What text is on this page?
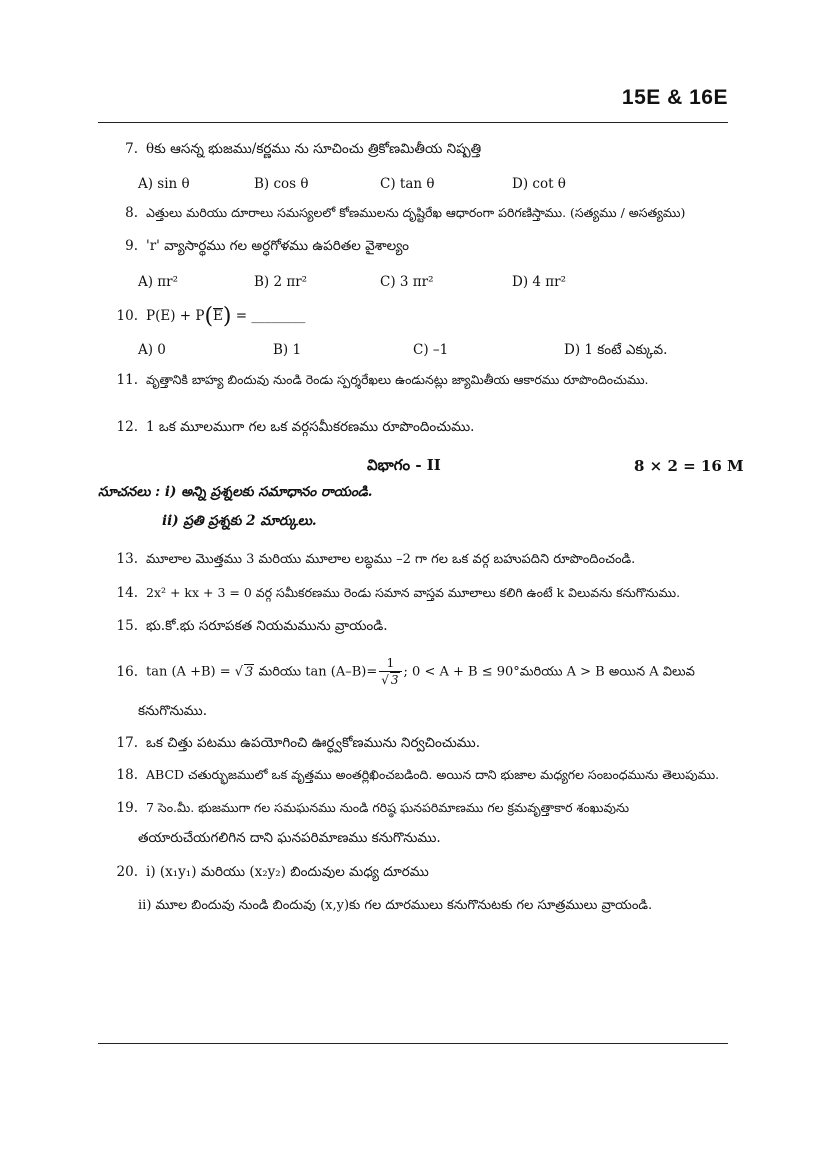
15E & 16E
7. θకు ఆసన్న భుజము/కర్ణము ను సూచించు త్రికోణమితీయ నిష్పత్తి
A) sin θ	B) cos θ	C) tan θ	D) cot θ
8. ఎత్తులు మరియు దూరాలు సమస్యలలో కోణములను దృష్టిరేఖ ఆధారంగా పరిగణిస్తాము. (సత్యము / అసత్యము)
9. 'r' వ్యాసార్థము గల అర్ధగోళము ఉపరితల వైశాల్యం
A) πr²	B) 2 πr²	C) 3 πr²	D) 4 πr²
10. P(E) + P(E) = ________
A) 0	B) 1	C) –1	D) 1 కంటే ఎక్కువ.
11. వృత్తానికి బాహ్య బిందువు నుండి రెండు స్పర్శరేఖలు ఉండునట్లు జ్యామితీయ ఆకారము రూపొందించుము.
12. 1 ఒక మూలముగా గల ఒక వర్గసమీకరణము రూపొందించుము.
విభాగం - II	8 × 2 = 16 M
సూచనలు : i) అన్ని ప్రశ్నలకు సమాధానం రాయండి.
ii) ప్రతి ప్రశ్నకు 2 మార్కులు.
13. మూలాల మొత్తము 3 మరియు మూలాల లబ్ధము –2 గా గల ఒక వర్గ బహుపదిని రూపొందించండి.
14. 2x² + kx + 3 = 0 వర్గ సమీకరణము రెండు సమాన వాస్తవ మూలాలు కలిగి ఉంటే k విలువను కనుగొనుము.
15. భు.కో.భు సరూపకత నియమమును వ్రాయండి.
16. tan (A +B) = √ 3 మరియు $\tan (A-B)= \frac{1}{√ 3}$ ; 0 < A + B ≤ 90°మరియు A > B అయిన A విలువ
కనుగొనుము.
17. ఒక చిత్తు పటము ఉపయోగించి ఊర్ధ్వకోణమును నిర్వచించుము.
18. ABCD చతుర్భుజములో ఒక వృత్తము అంతర్లిఖించబడింది. అయిన దాని భుజాల మధ్యగల సంబంధమును తెలుపుము.
19. 7 సెం.మీ. భుజముగా గల సమఘనము నుండి గరిష్ఠ ఘనపరిమాణము గల క్రమవృత్తాకార శంఖువును
తయారుచేయగలిగిన దాని ఘనపరిమాణము కనుగొనుము.
20. i) (x₁y₁) మరియు (x₂y₂) బిందువుల మధ్య దూరము
ii) మూల బిందువు నుండి బిందువు (x,y)కు గల దూరములు కనుగొనుటకు గల సూత్రములు వ్రాయండి.
